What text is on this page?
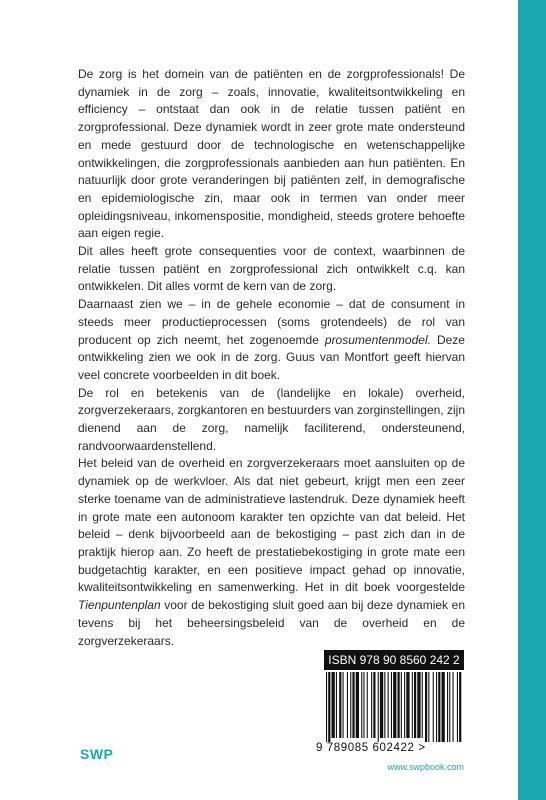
De zorg is het domein van de patiënten en de zorgprofessionals! De dynamiek in de zorg – zoals, innovatie, kwaliteitsontwikkeling en efficiency – ontstaat dan ook in de relatie tussen patiënt en zorgprofessional. Deze dynamiek wordt in zeer grote mate ondersteund en mede gestuurd door de technologische en wetenschappelijke ontwikkelingen, die zorgprofessionals aanbieden aan hun patiënten. En natuurlijk door grote veranderingen bij patiënten zelf, in demografische en epidemiologische zin, maar ook in termen van onder meer opleidingsniveau, inkomenspositie, mondigheid, steeds grotere behoefte aan eigen regie.

Dit alles heeft grote consequenties voor de context, waarbinnen de relatie tussen patiënt en zorgprofessional zich ontwikkelt c.q. kan ontwikkelen. Dit alles vormt de kern van de zorg.

Daarnaast zien we – in de gehele economie – dat de consument in steeds meer productieprocessen (soms grotendeels) de rol van producent op zich neemt, het zogenoemde prosumentenmodel. Deze ontwikkeling zien we ook in de zorg. Guus van Montfort geeft hiervan veel concrete voorbeelden in dit boek.

De rol en betekenis van de (landelijke en lokale) overheid, zorgverzekeraars, zorgkantoren en bestuurders van zorginstellingen, zijn dienend aan de zorg, namelijk faciliterend, ondersteunend, randvoorwaardenstellend.

Het beleid van de overheid en zorgverzekeraars moet aansluiten op de dynamiek op de werkvloer. Als dat niet gebeurt, krijgt men een zeer sterke toename van de administratieve lastendruk. Deze dynamiek heeft in grote mate een autonoom karakter ten opzichte van dat beleid. Het beleid – denk bijvoorbeeld aan de bekostiging – past zich dan in de praktijk hierop aan. Zo heeft de prestatiebekostiging in grote mate een budgetachtig karakter, en een positieve impact gehad op innovatie, kwaliteitsontwikkeling en samenwerking. Het in dit boek voorgestelde Tienpuntenplan voor de bekostiging sluit goed aan bij deze dynamiek en tevens bij het beheersingsbeleid van de overheid en de zorgverzekeraars.

ISBN 978 90 8560 242 2
9 789085 602422 >
SWP
www.swpbook.com
